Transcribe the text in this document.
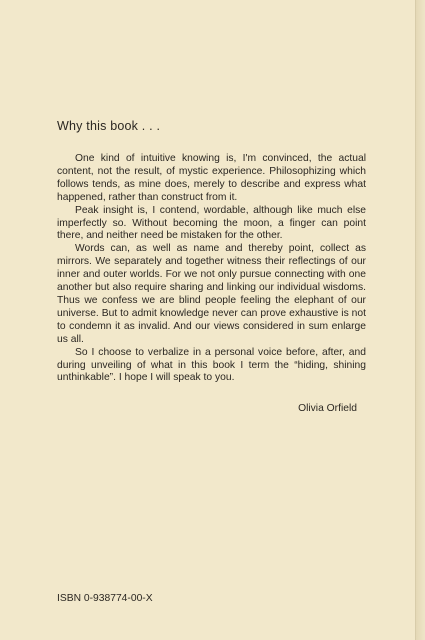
Why this book . . .

One kind of intuitive knowing is, I'm convinced, the actual content, not the result, of mystic experience. Philosophizing which follows tends, as mine does, merely to describe and express what happened, rather than construct from it.

Peak insight is, I contend, wordable, although like much else imperfectly so. Without becoming the moon, a finger can point there, and neither need be mistaken for the other.

Words can, as well as name and thereby point, collect as mirrors. We separately and together witness their reflectings of our inner and outer worlds. For we not only pursue connecting with one another but also require sharing and linking our individual wisdoms. Thus we confess we are blind people feeling the elephant of our universe. But to admit knowledge never can prove exhaustive is not to condemn it as invalid. And our views considered in sum enlarge us all.

So I choose to verbalize in a personal voice before, after, and during unveiling of what in this book I term the “hiding, shining unthinkable”. I hope I will speak to you.

Olivia Orfield
ISBN 0-938774-00-X
